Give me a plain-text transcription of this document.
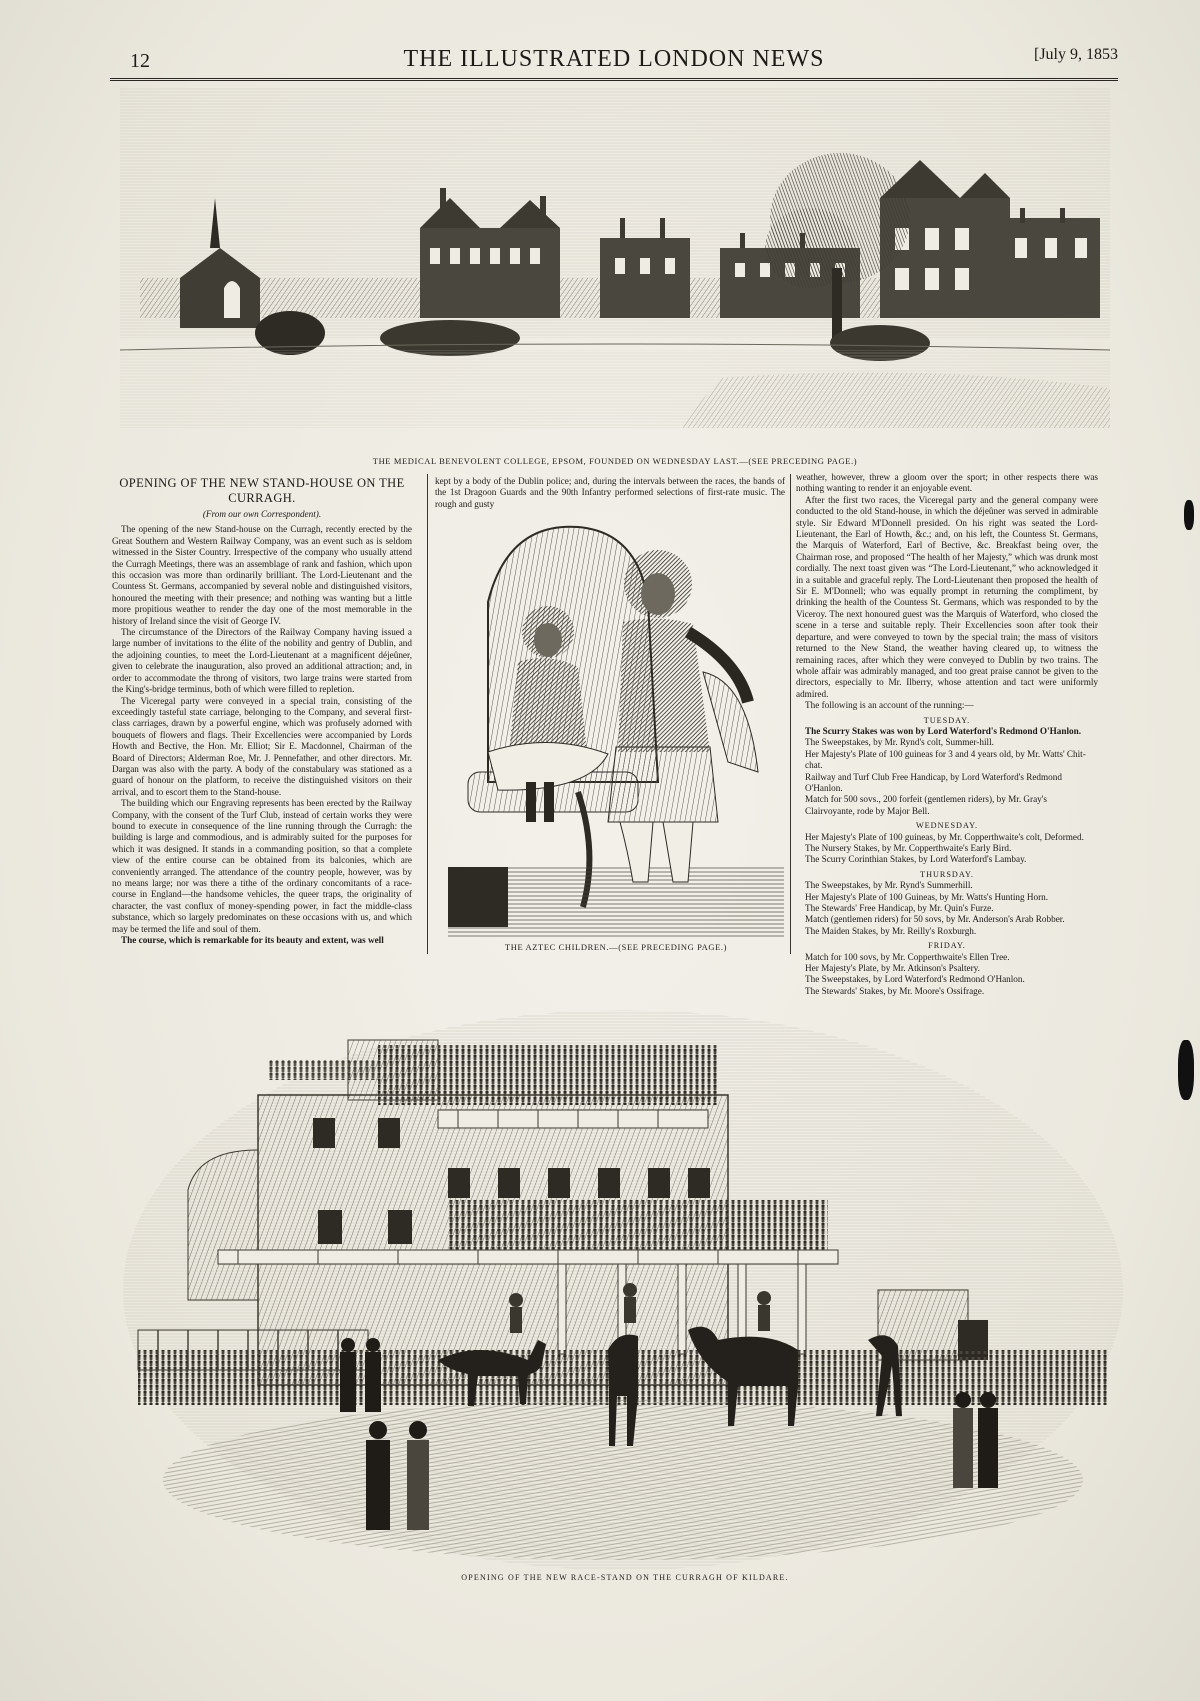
12	THE ILLUSTRATED LONDON NEWS	[July 9, 1853
THE MEDICAL BENEVOLENT COLLEGE, EPSOM, FOUNDED ON WEDNESDAY LAST.—(SEE PRECEDING PAGE.)
OPENING OF THE NEW STAND-HOUSE ON THE CURRAGH.
(From our own Correspondent).

The opening of the new Stand-house on the Curragh, recently erected by the Great Southern and Western Railway Company, was an event such as is seldom witnessed in the Sister Country. Irrespective of the company who usually attend the Curragh Meetings, there was an assemblage of rank and fashion, which upon this occasion was more than ordinarily brilliant. The Lord-Lieutenant and the Countess St. Germans, accompanied by several noble and distinguished visitors, honoured the meeting with their presence; and nothing was wanting but a little more propitious weather to render the day one of the most memorable in the history of Ireland since the visit of George IV.

The circumstance of the Directors of the Railway Company having issued a large number of invitations to the élite of the nobility and gentry of Dublin, and the adjoining counties, to meet the Lord-Lieutenant at a magnificent déjeûner, given to celebrate the inauguration, also proved an additional attraction; and, in order to accommodate the throng of visitors, two large trains were started from the King's-bridge terminus, both of which were filled to repletion.

The Viceregal party were conveyed in a special train, consisting of the exceedingly tasteful state carriage, belonging to the Company, and several first-class carriages, drawn by a powerful engine, which was profusely adorned with bouquets of flowers and flags. Their Excellencies were accompanied by Lords Howth and Bective, the Hon. Mr. Elliot; Sir E. Macdonnel, Chairman of the Board of Directors; Alderman Roe, Mr. J. Pennefather, and other directors. Mr. Dargan was also with the party. A body of the constabulary was stationed as a guard of honour on the platform, to receive the distinguished visitors on their arrival, and to escort them to the Stand-house.

The building which our Engraving represents has been erected by the Railway Company, with the consent of the Turf Club, instead of certain works they were bound to execute in consequence of the line running through the Curragh: the building is large and commodious, and is admirably suited for the purposes for which it was designed. It stands in a commanding position, so that a complete view of the entire course can be obtained from its balconies, which are conveniently arranged. The attendance of the country people, however, was by no means large; nor was there a tithe of the ordinary concomitants of a race-course in England—the handsome vehicles, the queer traps, the originality of character, the vast conflux of money-spending power, in fact the middle-class substance, which so largely predominates on these occasions with us, and which may be termed the life and soul of them.

The course, which is remarkable for its beauty and extent, was well

kept by a body of the Dublin police; and, during the intervals between the races, the bands of the 1st Dragoon Guards and the 90th Infantry performed selections of first-rate music. The rough and gusty

THE AZTEC CHILDREN.—(SEE PRECEDING PAGE.)

weather, however, threw a gloom over the sport; in other respects there was nothing wanting to render it an enjoyable event.

After the first two races, the Viceregal party and the general company were conducted to the old Stand-house, in which the déjeûner was served in admirable style. Sir Edward M'Donnell presided. On his right was seated the Lord-Lieutenant, the Earl of Howth, &c.; and, on his left, the Countess St. Germans, the Marquis of Waterford, Earl of Bective, &c. Breakfast being over, the Chairman rose, and proposed “The health of her Majesty,” which was drunk most cordially. The next toast given was “The Lord-Lieutenant,” who acknowledged it in a suitable and graceful reply. The Lord-Lieutenant then proposed the health of Sir E. M'Donnell; who was equally prompt in returning the compliment, by drinking the health of the Countess St. Germans, which was responded to by the Viceroy. The next honoured guest was the Marquis of Waterford, who closed the scene in a terse and suitable reply. Their Excellencies soon after took their departure, and were conveyed to town by the special train; the mass of visitors returned to the New Stand, the weather having cleared up, to witness the remaining races, after which they were conveyed to Dublin by two trains. The whole affair was admirably managed, and too great praise cannot be given to the directors, especially to Mr. Ilberry, whose attention and tact were uniformly admired.

The following is an account of the running:—

TUESDAY.

The Scurry Stakes was won by Lord Waterford's Redmond O'Hanlon.

The Sweepstakes, by Mr. Rynd's colt, Summer-hill.

Her Majesty's Plate of 100 guineas for 3 and 4 years old, by Mr. Watts' Chit-chat.

Railway and Turf Club Free Handicap, by Lord Waterford's Redmond O'Hanlon.

Match for 500 sovs., 200 forfeit (gentlemen riders), by Mr. Gray's Clairvoyante, rode by Major Bell.

WEDNESDAY.

Her Majesty's Plate of 100 guineas, by Mr. Copperthwaite's colt, Deformed.

The Nursery Stakes, by Mr. Copperthwaite's Early Bird.

The Scurry Corinthian Stakes, by Lord Waterford's Lambay.

THURSDAY.

The Sweepstakes, by Mr. Rynd's Summerhill.

Her Majesty's Plate of 100 Guineas, by Mr. Watts's Hunting Horn.

The Stewards' Free Handicap, by Mr. Quin's Furze.

Match (gentlemen riders) for 50 sovs, by Mr. Anderson's Arab Robber.

The Maiden Stakes, by Mr. Reilly's Roxburgh.

FRIDAY.

Match for 100 sovs, by Mr. Copperthwaite's Ellen Tree.

Her Majesty's Plate, by Mr. Atkinson's Psaltery.

The Sweepstakes, by Lord Waterford's Redmond O'Hanlon.

The Stewards' Stakes, by Mr. Moore's Ossifrage.

OPENING OF THE NEW RACE-STAND ON THE CURRAGH OF KILDARE.
